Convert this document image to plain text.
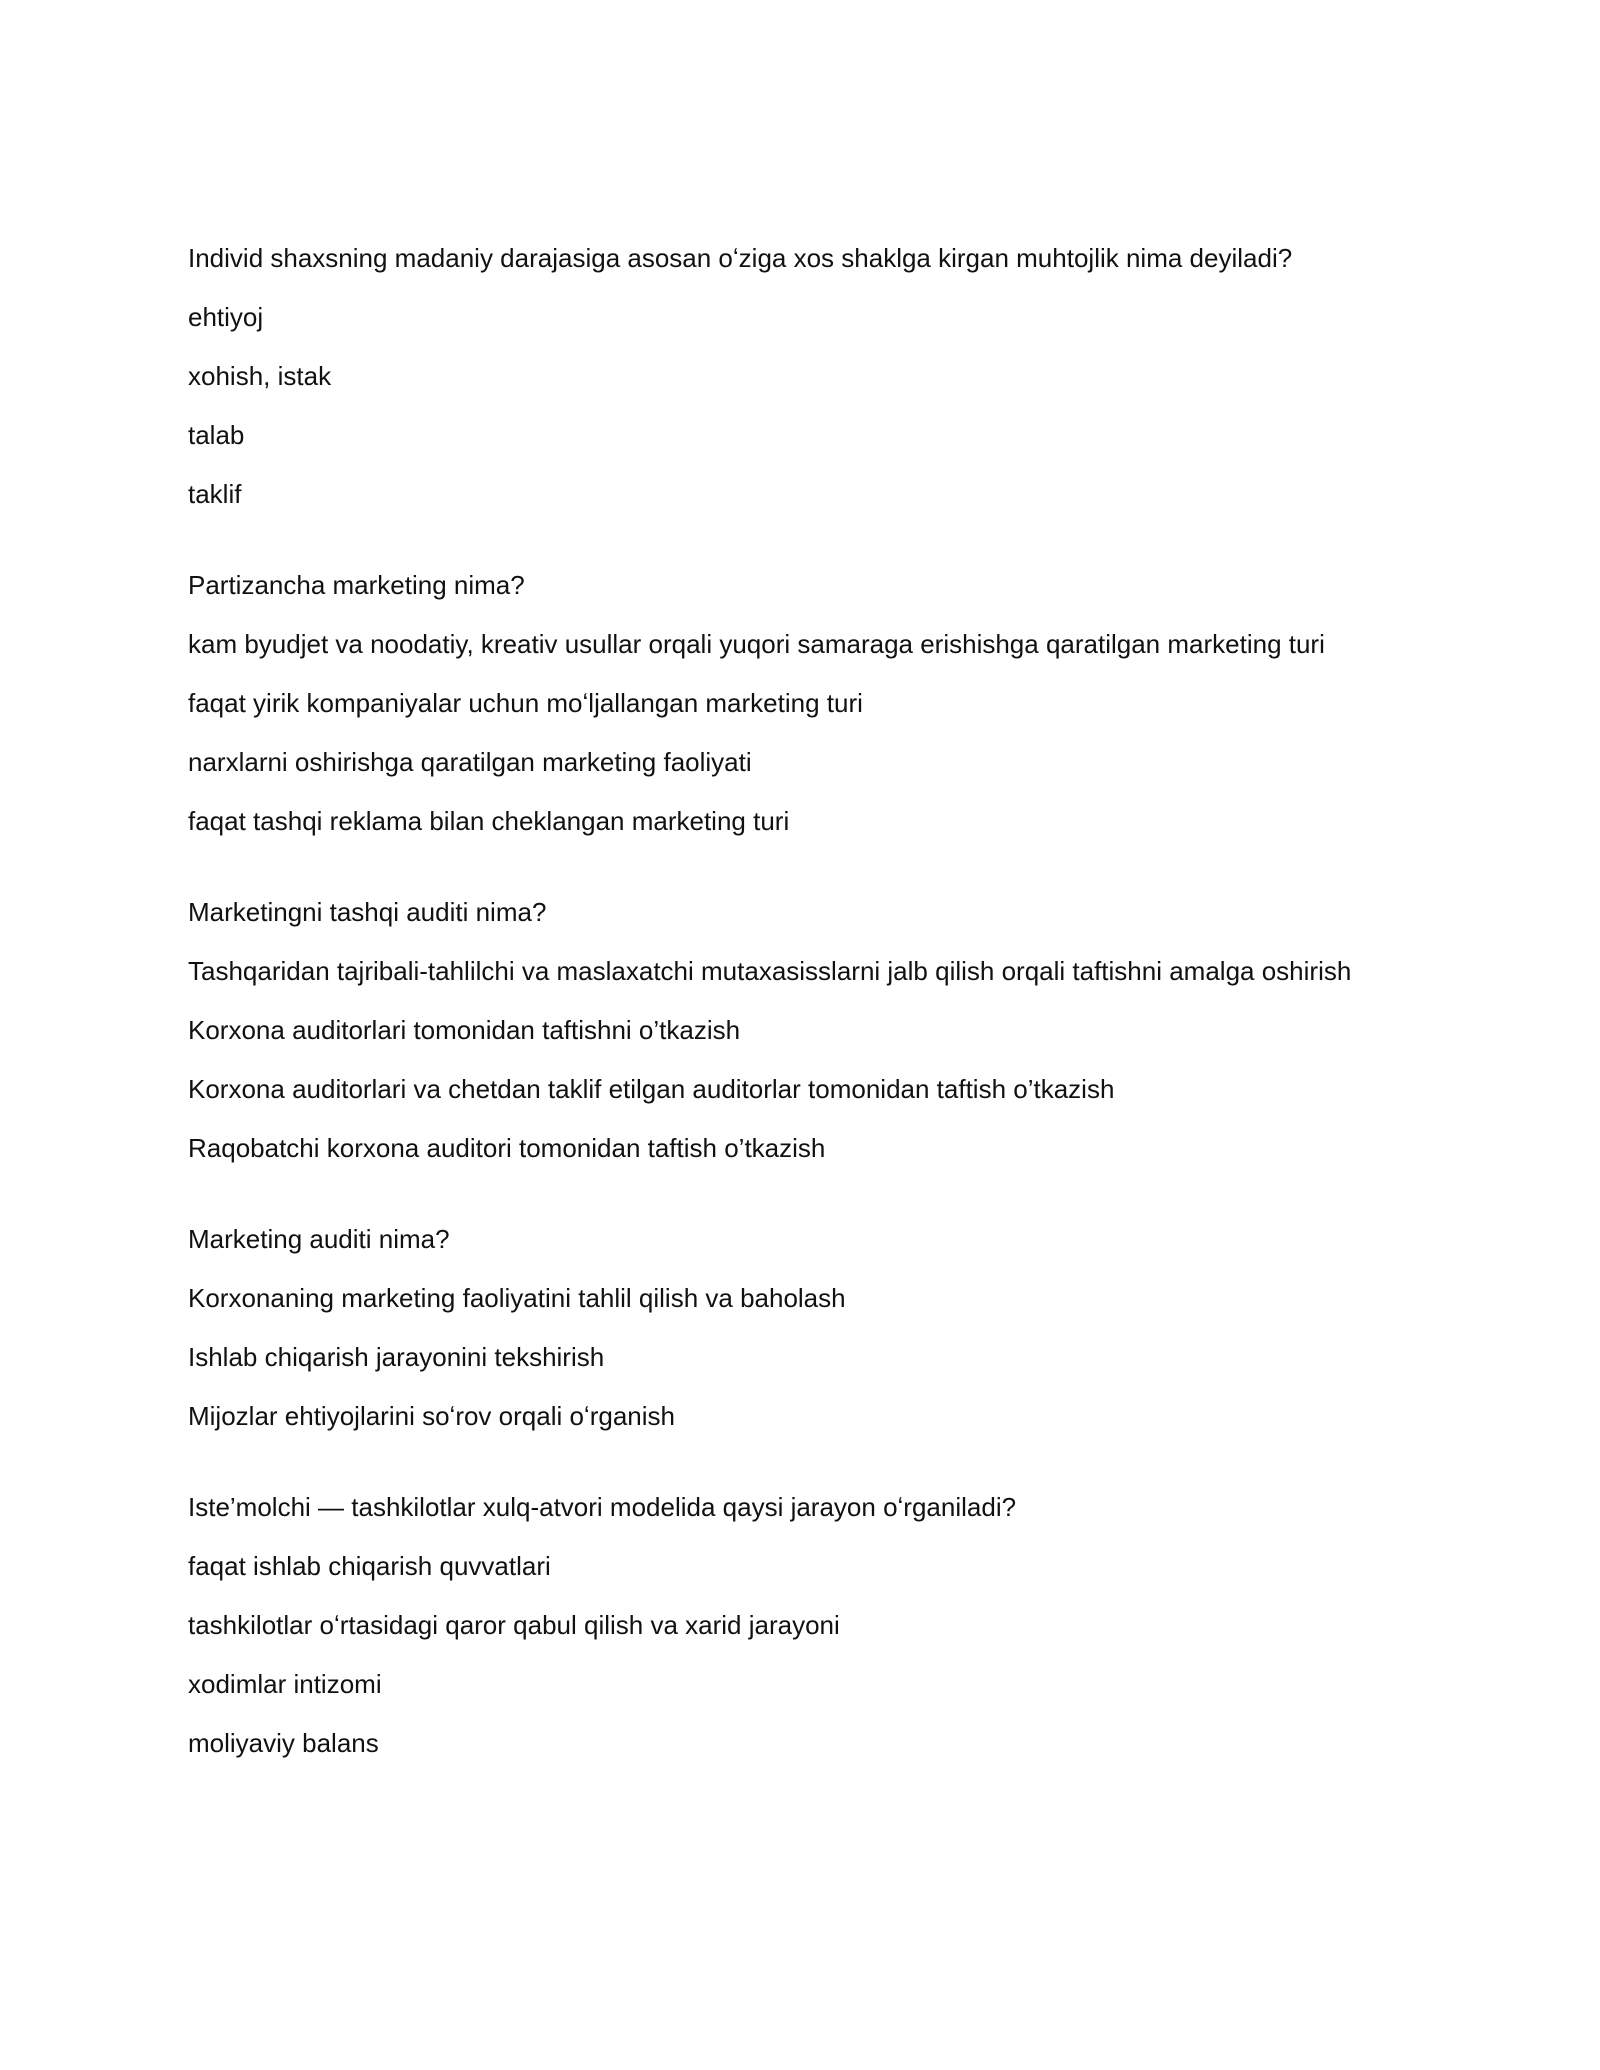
Individ shaxsning madaniy darajasiga asosan oʻziga xos shaklga kirgan muhtojlik nima deyiladi?
ehtiyoj
xohish, istak
talab
taklif
Partizancha marketing nima?
kam byudjet va noodatiy, kreativ usullar orqali yuqori samaraga erishishga qaratilgan marketing turi
faqat yirik kompaniyalar uchun moʻljallangan marketing turi
narxlarni oshirishga qaratilgan marketing faoliyati
faqat tashqi reklama bilan cheklangan marketing turi
Marketingni tashqi auditi nima?
Tashqaridan tajribali-tahlilchi va maslaxatchi mutaxasisslarni jalb qilish orqali taftishni amalga oshirish
Korxona auditorlari tomonidan taftishni o’tkazish
Korxona auditorlari va chetdan taklif etilgan auditorlar tomonidan taftish o’tkazish
Raqobatchi korxona auditori tomonidan taftish o’tkazish
Marketing auditi nima?
Korxonaning marketing faoliyatini tahlil qilish va baholash
Ishlab chiqarish jarayonini tekshirish
Mijozlar ehtiyojlarini soʻrov orqali oʻrganish
Iste’molchi — tashkilotlar xulq-atvori modelida qaysi jarayon oʻrganiladi?
faqat ishlab chiqarish quvvatlari
tashkilotlar oʻrtasidagi qaror qabul qilish va xarid jarayoni
xodimlar intizomi
moliyaviy balans
